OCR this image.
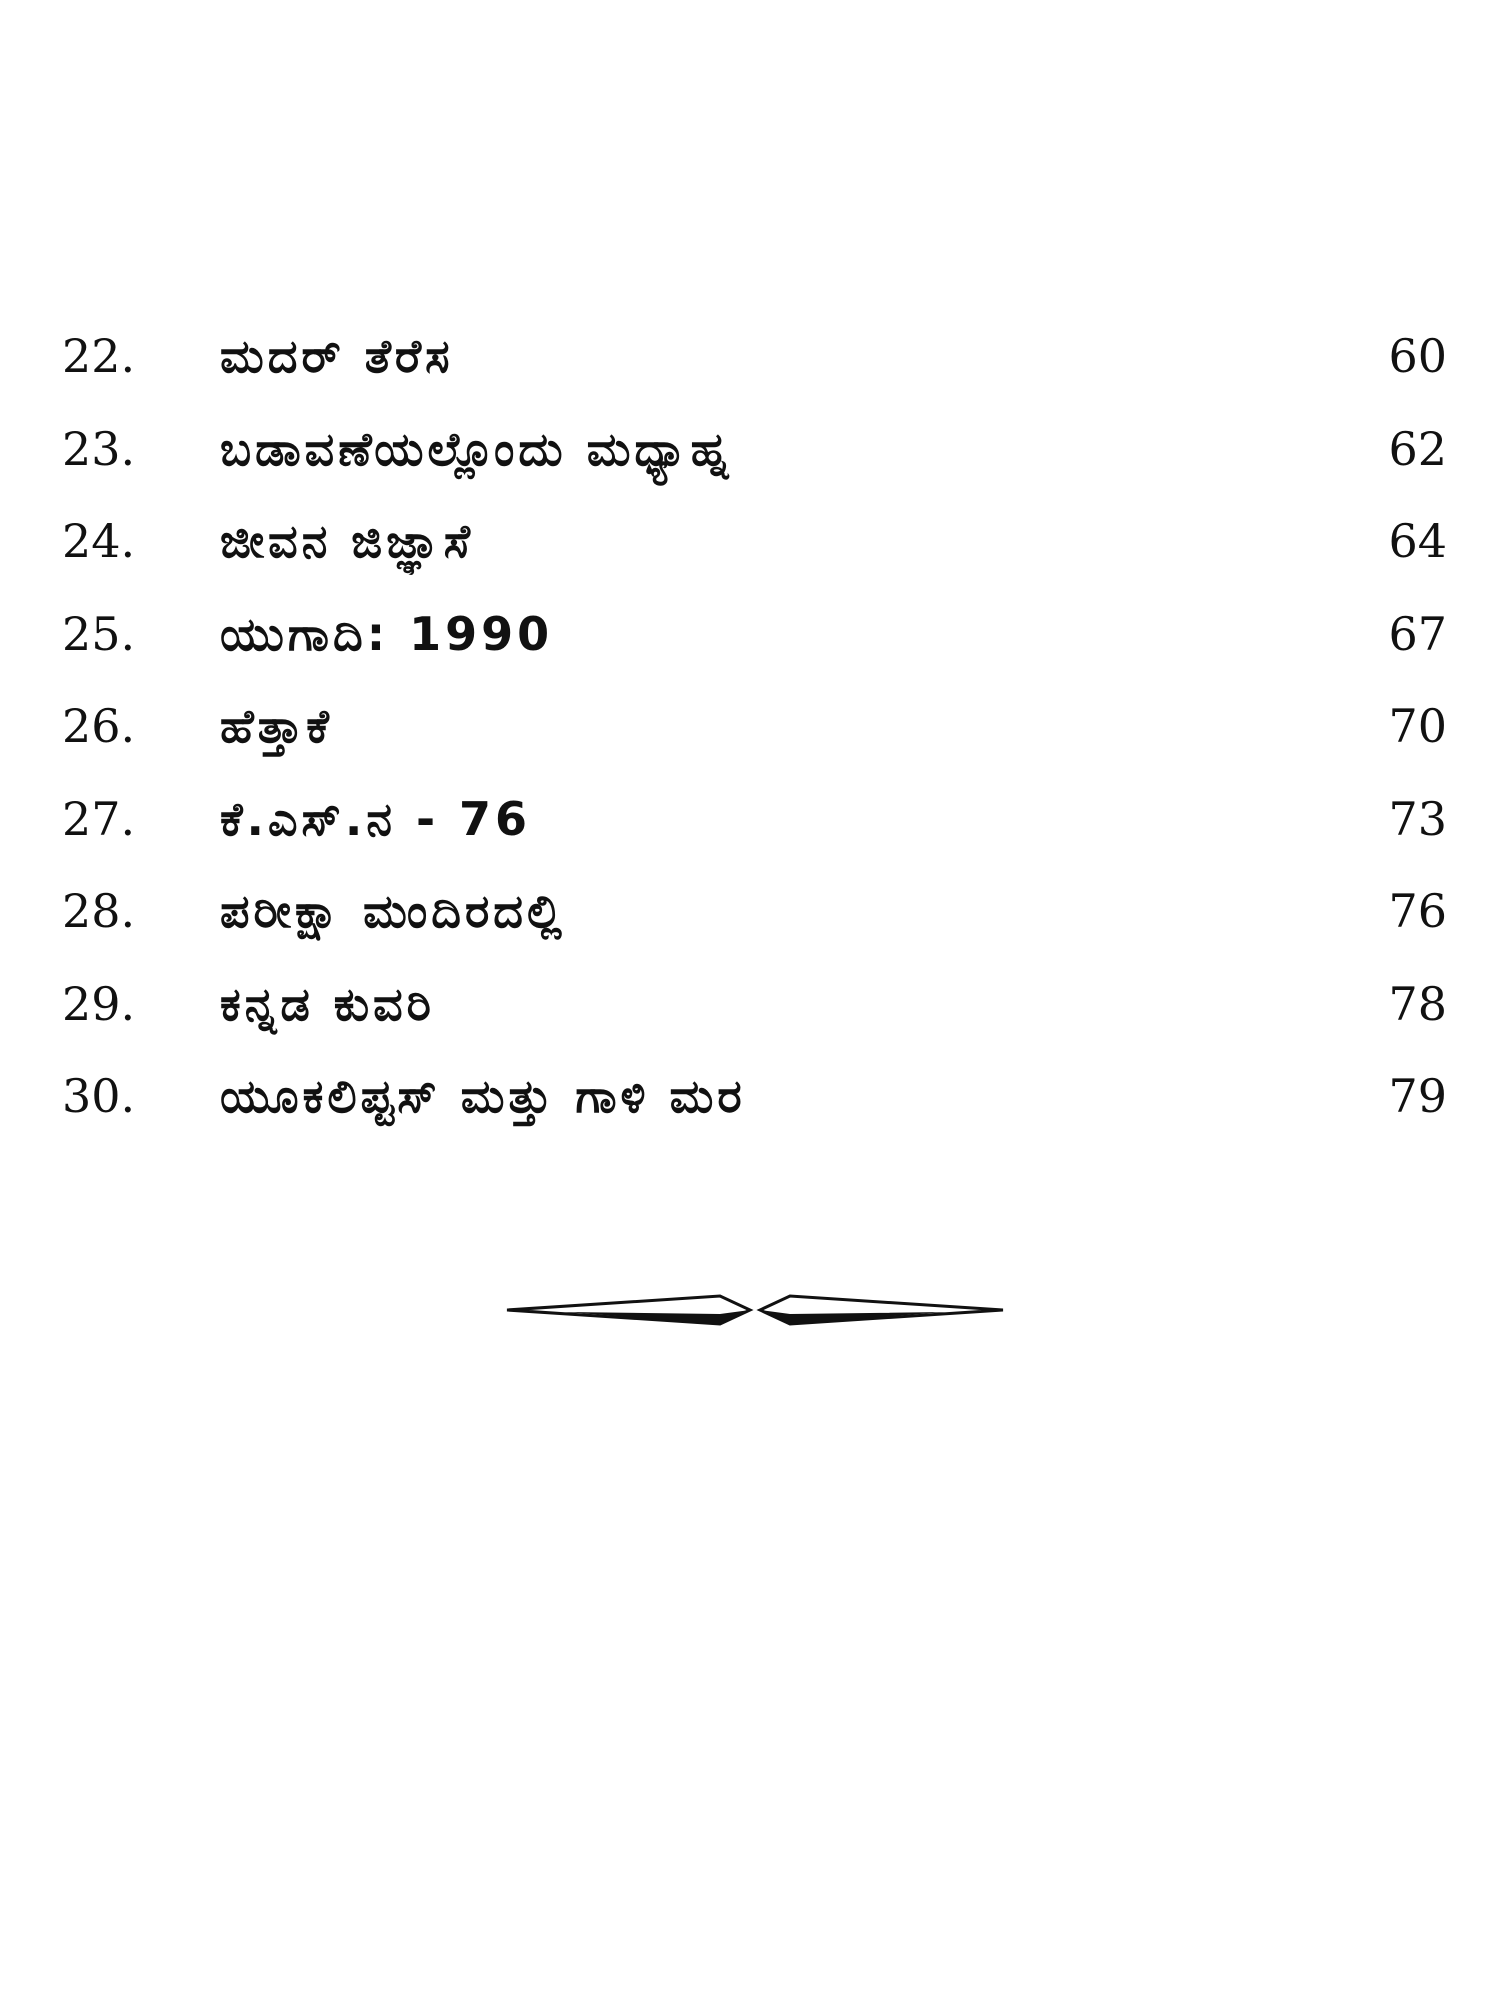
22.	ಮದರ್ ತೆರೆಸ	60
23.	ಬಡಾವಣೆಯಲ್ಲೊಂದು ಮಧ್ಯಾಹ್ನ	62
24.	ಜೀವನ ಜಿಜ್ಞಾಸೆ	64
25.	ಯುಗಾದಿ: 1990	67
26.	ಹೆತ್ತಾಕೆ	70
27.	ಕೆ.ಎಸ್.ನ - 76	73
28.	ಪರೀಕ್ಷಾ ಮಂದಿರದಲ್ಲಿ	76
29.	ಕನ್ನಡ ಕುವರಿ	78
30.	ಯೂಕಲಿಪ್ಟಸ್ ಮತ್ತು ಗಾಳಿ ಮರ	79
